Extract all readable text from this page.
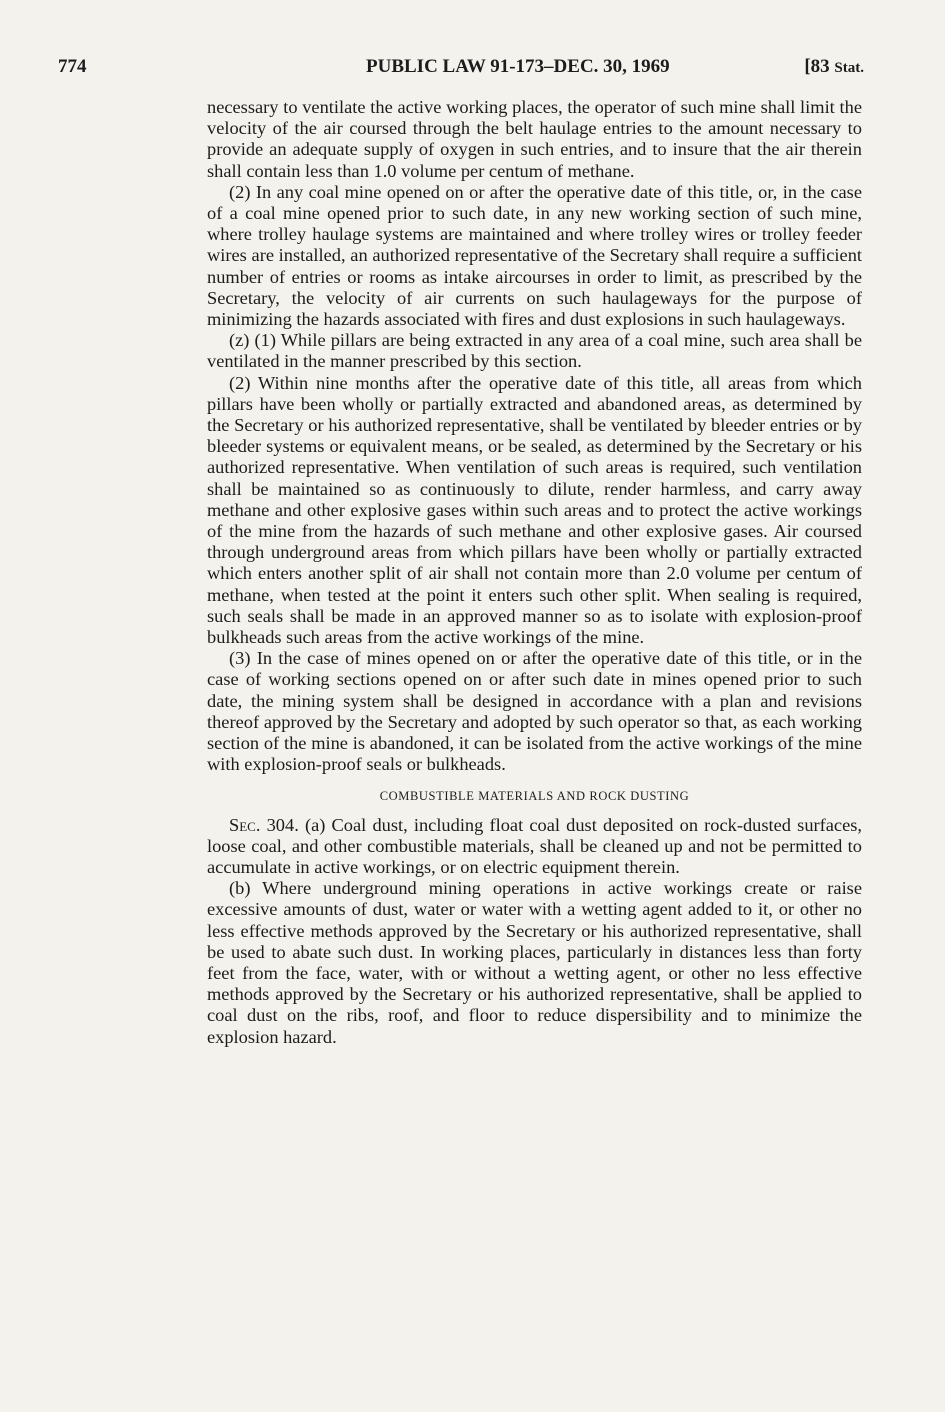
774	PUBLIC LAW 91-173–DEC. 30, 1969	[83 Stat.

necessary to ventilate the active working places, the operator of such mine shall limit the velocity of the air coursed through the belt haulage entries to the amount necessary to provide an adequate supply of oxygen in such entries, and to insure that the air therein shall contain less than 1.0 volume per centum of methane.

(2) In any coal mine opened on or after the operative date of this title, or, in the case of a coal mine opened prior to such date, in any new working section of such mine, where trolley haulage systems are maintained and where trolley wires or trolley feeder wires are installed, an authorized representative of the Secretary shall require a sufficient number of entries or rooms as intake aircourses in order to limit, as prescribed by the Secretary, the velocity of air currents on such haulageways for the purpose of minimizing the hazards associated with fires and dust explosions in such haulageways.

(z) (1) While pillars are being extracted in any area of a coal mine, such area shall be ventilated in the manner prescribed by this section.

(2) Within nine months after the operative date of this title, all areas from which pillars have been wholly or partially extracted and abandoned areas, as determined by the Secretary or his authorized representative, shall be ventilated by bleeder entries or by bleeder systems or equivalent means, or be sealed, as determined by the Secretary or his authorized representative. When ventilation of such areas is required, such ventilation shall be maintained so as continuously to dilute, render harmless, and carry away methane and other explosive gases within such areas and to protect the active workings of the mine from the hazards of such methane and other explosive gases. Air coursed through underground areas from which pillars have been wholly or partially extracted which enters another split of air shall not contain more than 2.0 volume per centum of methane, when tested at the point it enters such other split. When sealing is required, such seals shall be made in an approved manner so as to isolate with explosion-proof bulkheads such areas from the active workings of the mine.

(3) In the case of mines opened on or after the operative date of this title, or in the case of working sections opened on or after such date in mines opened prior to such date, the mining system shall be designed in accordance with a plan and revisions thereof approved by the Secretary and adopted by such operator so that, as each working section of the mine is abandoned, it can be isolated from the active workings of the mine with explosion-proof seals or bulkheads.

COMBUSTIBLE MATERIALS AND ROCK DUSTING

Sec. 304. (a) Coal dust, including float coal dust deposited on rock-dusted surfaces, loose coal, and other combustible materials, shall be cleaned up and not be permitted to accumulate in active workings, or on electric equipment therein.

(b) Where underground mining operations in active workings create or raise excessive amounts of dust, water or water with a wetting agent added to it, or other no less effective methods approved by the Secretary or his authorized representative, shall be used to abate such dust. In working places, particularly in distances less than forty feet from the face, water, with or without a wetting agent, or other no less effective methods approved by the Secretary or his authorized representative, shall be applied to coal dust on the ribs, roof, and floor to reduce dispersibility and to minimize the explosion hazard.
